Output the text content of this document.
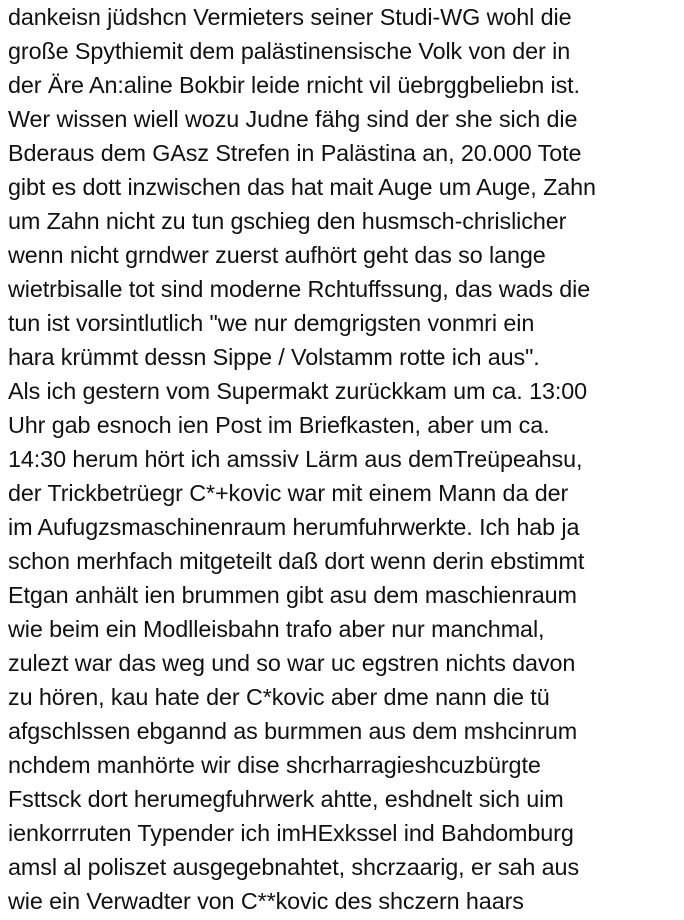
dankeisn jüdshcn Vermieters seiner Studi-WG wohl die
große Spythiemit dem palästinensische Volk von der in
der Äre An:aline Bokbir leide rnicht vil üebrggbeliebn ist.
Wer wissen wiell wozu Judne fähg sind der she sich die
Bderaus dem GAsz Strefen in Palästina an, 20.000 Tote
gibt es dott inzwischen das hat mait Auge um Auge, Zahn
um Zahn nicht zu tun gschieg den husmsch-chrislicher
wenn nicht grndwer zuerst aufhört geht das so lange
wietrbisalle tot sind moderne Rchtuffssung, das wads die
tun ist vorsintlutlich "we nur demgrigsten vonmri ein
hara krümmt dessn Sippe / Volstamm rotte ich aus".
Als ich gestern vom Supermakt zurückkam um ca. 13:00
Uhr gab esnoch ien Post im Briefkasten, aber um ca.
14:30 herum hört ich amssiv Lärm aus demTreüpeahsu,
der Trickbetrüegr C*+kovic war mit einem Mann da der
im Aufugzsmaschinenraum herumfuhrwerkte. Ich hab ja
schon merhfach mitgeteilt daß dort wenn derin ebstimmt
Etgan anhält ien brummen gibt asu dem maschienraum
wie beim ein Modlleisbahn trafo aber nur manchmal,
zulezt war das weg und so war uc egstren nichts davon
zu hören, kau hate der C*kovic aber dme nann die tü
afgschlssen ebgannd as burmmen aus dem mshcinrum
nchdem manhörte wir dise shcrharragieshcuzbürgte
Fsttsck dort herumegfuhrwerk ahtte, eshdnelt sich uim
ienkorrruten Typender ich imHExkssel ind Bahdomburg
amsl al poliszet ausgegebnahtet, shcrzaarig, er sah aus
wie ein Verwadter von C**kovic des shczern haars
